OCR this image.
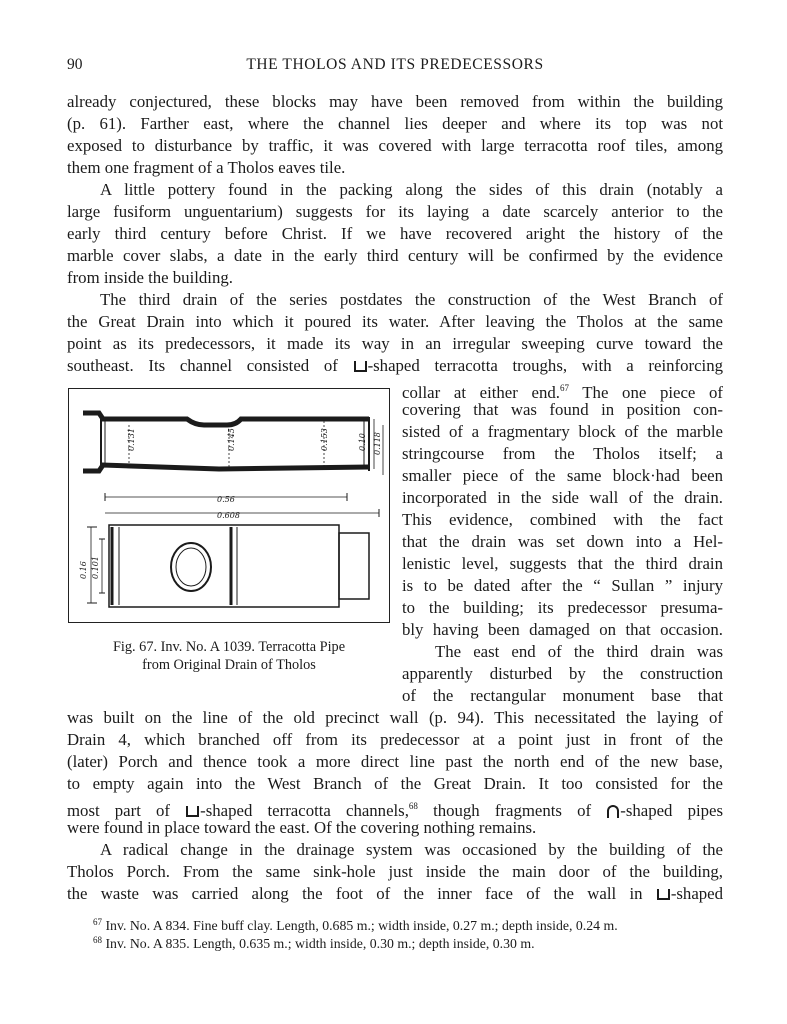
90	THE THOLOS AND ITS PREDECESSORS
already conjectured, these blocks may have been removed from within the building
(p. 61). Farther east, where the channel lies deeper and where its top was not
exposed to disturbance by traffic, it was covered with large terracotta roof tiles, among
them one fragment of a Tholos eaves tile.
A little pottery found in the packing along the sides of this drain (notably a
large fusiform unguentarium) suggests for its laying a date scarcely anterior to the
early third century before Christ. If we have recovered aright the history of the
marble cover slabs, a date in the early third century will be confirmed by the evidence
from inside the building.
The third drain of the series postdates the construction of the West Branch of
the Great Drain into which it poured its water. After leaving the Tholos at the same
point as its predecessors, it made its way in an irregular sweeping curve toward the
southeast. Its channel consisted of -shaped terracotta troughs, with a reinforcing
collar at either end.$^{67}$ The one piece of
covering that was found in position con-
sisted of a fragmentary block of the marble
stringcourse from the Tholos itself; a
smaller piece of the same block·had been
incorporated in the side wall of the drain.
This evidence, combined with the fact
that the drain was set down into a Hel-
lenistic level, suggests that the third drain
is to be dated after the “ Sullan ” injury
to the building; its predecessor presuma-
bly having been damaged on that occasion.
The east end of the third drain was
apparently disturbed by the construction
of the rectangular monument base that
0.131	0.145	0.153	0.10 0.118
0.56
0.608
0.16 0.101
Fig. 67. Inv. No. A 1039. Terracotta Pipe
from Original Drain of Tholos
was built on the line of the old precinct wall (p. 94). This necessitated the laying of
Drain 4, which branched off from its predecessor at a point just in front of the
(later) Porch and thence took a more direct line past the north end of the new base,
to empty again into the West Branch of the Great Drain. It too consisted for the
most part of -shaped terracotta channels,$^{68}$ though fragments of -shaped pipes
were found in place toward the east. Of the covering nothing remains.
A radical change in the drainage system was occasioned by the building of the
Tholos Porch. From the same sink-hole just inside the main door of the building,
the waste was carried along the foot of the inner face of the wall in -shaped
$^{67}$ Inv. No. A 834. Fine buff clay. Length, 0.685 m.; width inside, 0.27 m.; depth inside, 0.24 m.
$^{68}$ Inv. No. A 835. Length, 0.635 m.; width inside, 0.30 m.; depth inside, 0.30 m.
